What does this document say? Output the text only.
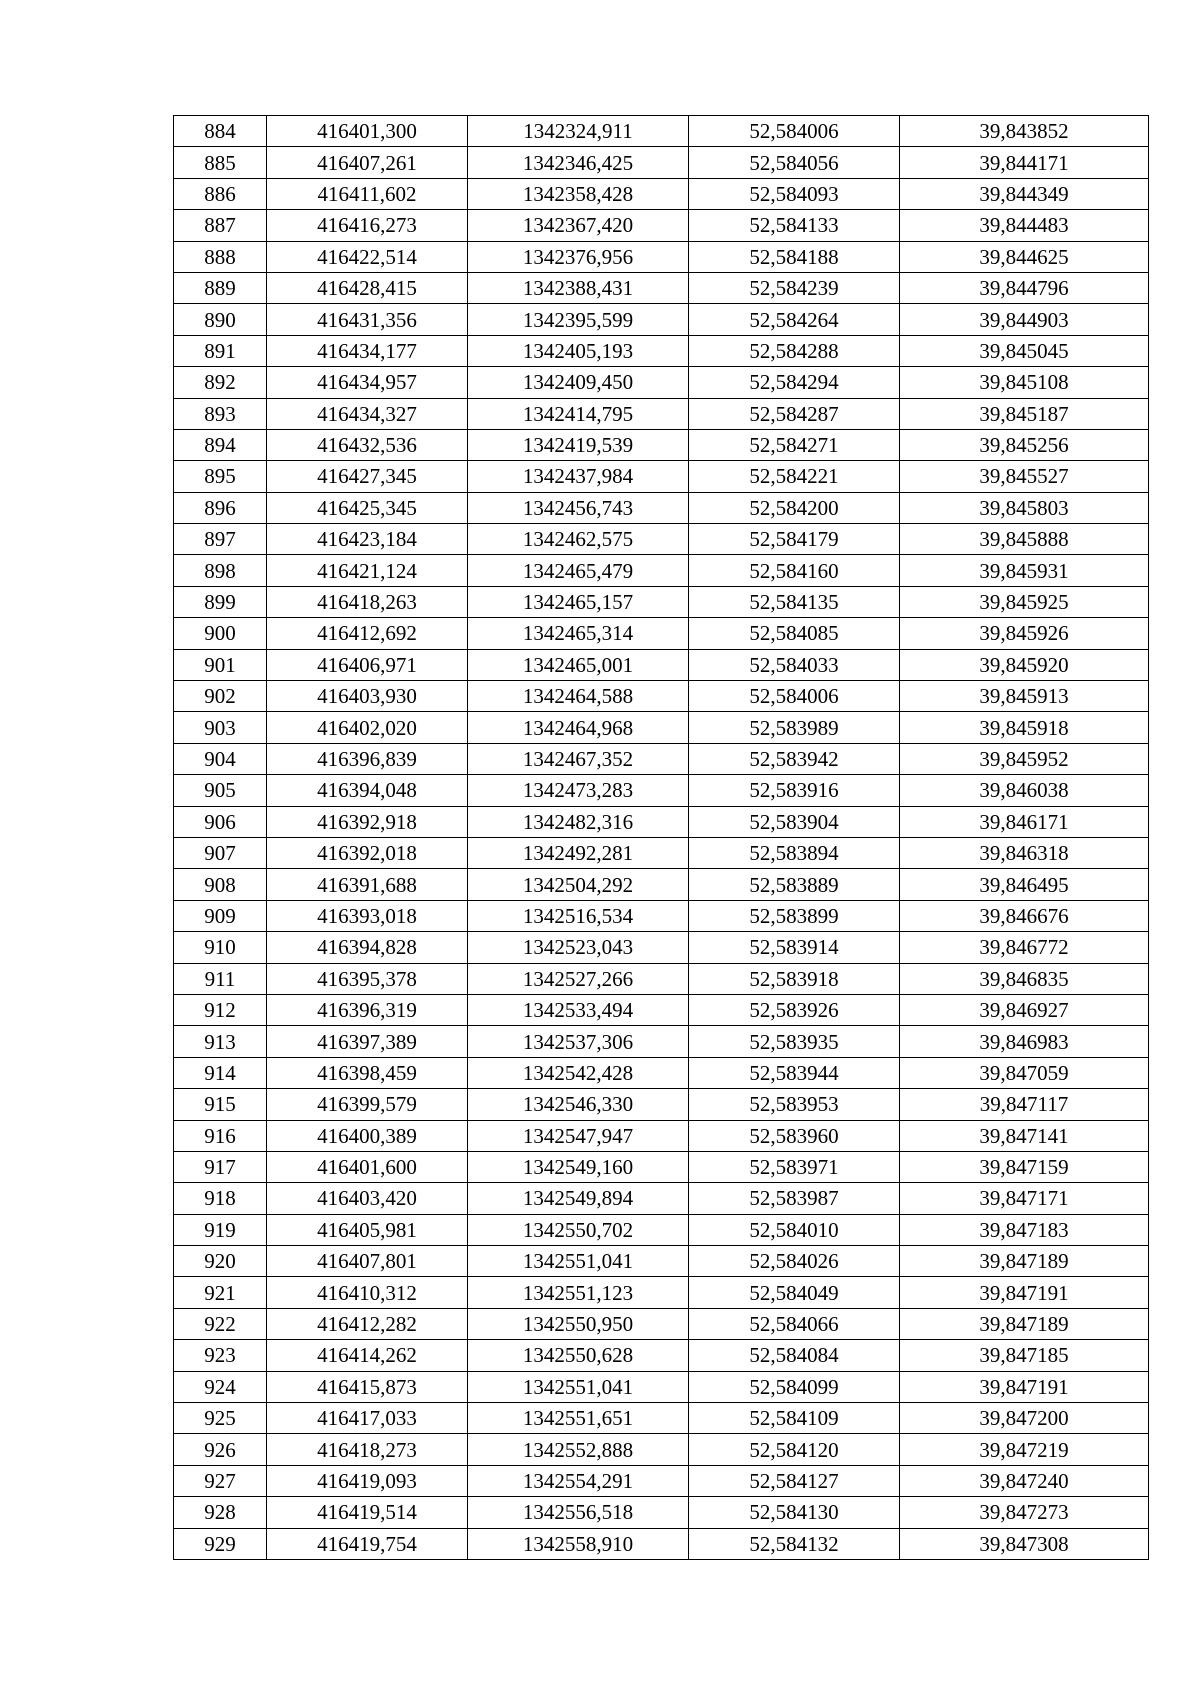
884	416401,300	1342324,911	52,584006	39,843852
885	416407,261	1342346,425	52,584056	39,844171
886	416411,602	1342358,428	52,584093	39,844349
887	416416,273	1342367,420	52,584133	39,844483
888	416422,514	1342376,956	52,584188	39,844625
889	416428,415	1342388,431	52,584239	39,844796
890	416431,356	1342395,599	52,584264	39,844903
891	416434,177	1342405,193	52,584288	39,845045
892	416434,957	1342409,450	52,584294	39,845108
893	416434,327	1342414,795	52,584287	39,845187
894	416432,536	1342419,539	52,584271	39,845256
895	416427,345	1342437,984	52,584221	39,845527
896	416425,345	1342456,743	52,584200	39,845803
897	416423,184	1342462,575	52,584179	39,845888
898	416421,124	1342465,479	52,584160	39,845931
899	416418,263	1342465,157	52,584135	39,845925
900	416412,692	1342465,314	52,584085	39,845926
901	416406,971	1342465,001	52,584033	39,845920
902	416403,930	1342464,588	52,584006	39,845913
903	416402,020	1342464,968	52,583989	39,845918
904	416396,839	1342467,352	52,583942	39,845952
905	416394,048	1342473,283	52,583916	39,846038
906	416392,918	1342482,316	52,583904	39,846171
907	416392,018	1342492,281	52,583894	39,846318
908	416391,688	1342504,292	52,583889	39,846495
909	416393,018	1342516,534	52,583899	39,846676
910	416394,828	1342523,043	52,583914	39,846772
911	416395,378	1342527,266	52,583918	39,846835
912	416396,319	1342533,494	52,583926	39,846927
913	416397,389	1342537,306	52,583935	39,846983
914	416398,459	1342542,428	52,583944	39,847059
915	416399,579	1342546,330	52,583953	39,847117
916	416400,389	1342547,947	52,583960	39,847141
917	416401,600	1342549,160	52,583971	39,847159
918	416403,420	1342549,894	52,583987	39,847171
919	416405,981	1342550,702	52,584010	39,847183
920	416407,801	1342551,041	52,584026	39,847189
921	416410,312	1342551,123	52,584049	39,847191
922	416412,282	1342550,950	52,584066	39,847189
923	416414,262	1342550,628	52,584084	39,847185
924	416415,873	1342551,041	52,584099	39,847191
925	416417,033	1342551,651	52,584109	39,847200
926	416418,273	1342552,888	52,584120	39,847219
927	416419,093	1342554,291	52,584127	39,847240
928	416419,514	1342556,518	52,584130	39,847273
929	416419,754	1342558,910	52,584132	39,847308
